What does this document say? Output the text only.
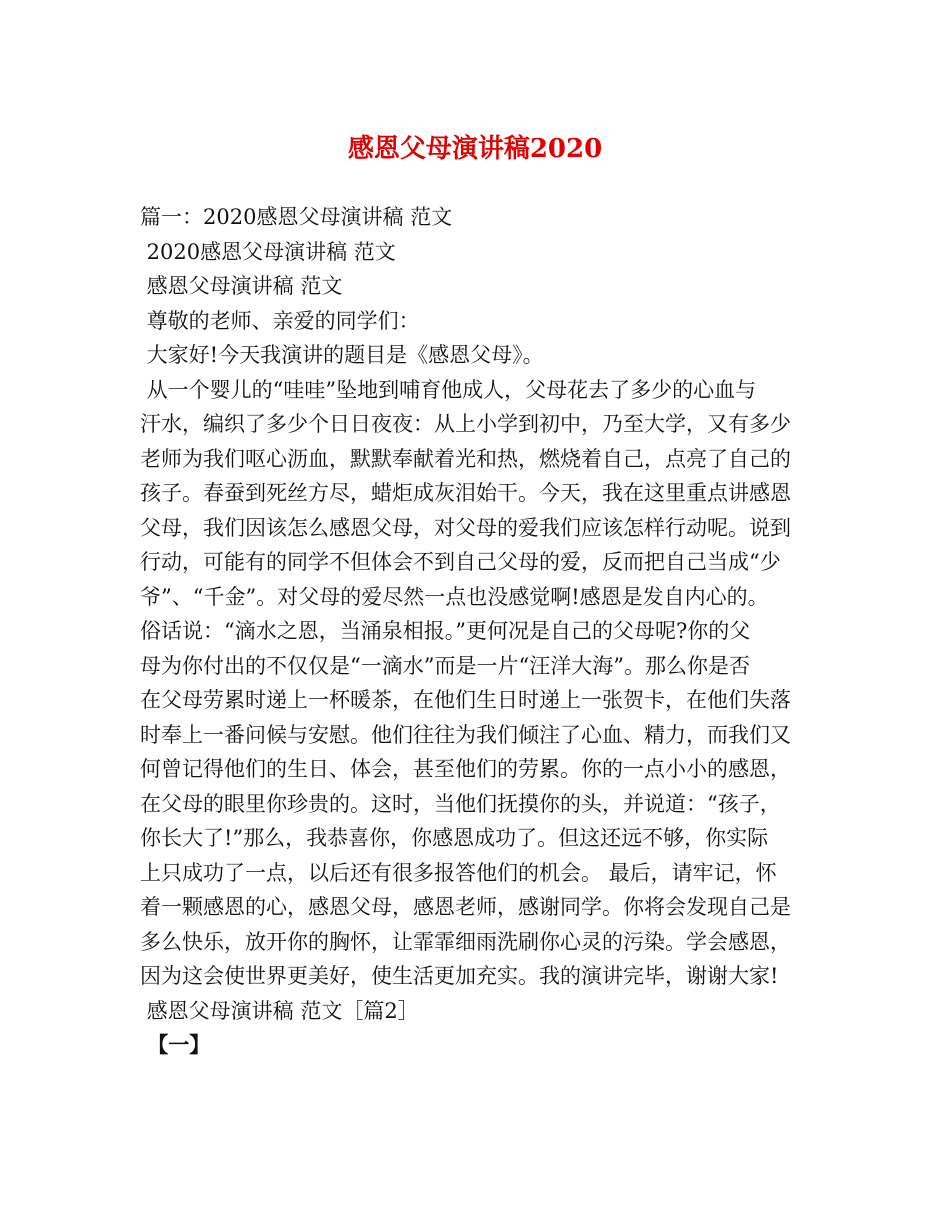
感恩父母演讲稿2020
篇一：2020感恩父母演讲稿 范文
2020感恩父母演讲稿 范文
感恩父母演讲稿 范文
尊敬的老师、亲爱的同学们：
大家好!今天我演讲的题目是《感恩父母》。
从一个婴儿的“哇哇”坠地到哺育他成人，父母花去了多少的心血与
汗水，编织了多少个日日夜夜：从上小学到初中，乃至大学，又有多少
老师为我们呕心沥血，默默奉献着光和热，燃烧着自己，点亮了自己的
孩子。春蚕到死丝方尽，蜡炬成灰泪始干。今天，我在这里重点讲感恩
父母，我们因该怎么感恩父母，对父母的爱我们应该怎样行动呢。说到
行动，可能有的同学不但体会不到自己父母的爱，反而把自己当成“少
爷”、“千金”。对父母的爱尽然一点也没感觉啊!感恩是发自内心的。
俗话说：“滴水之恩，当涌泉相报。”更何况是自己的父母呢?你的父
母为你付出的不仅仅是“一滴水”而是一片“汪洋大海”。那么你是否
在父母劳累时递上一杯暖茶，在他们生日时递上一张贺卡，在他们失落
时奉上一番问候与安慰。他们往往为我们倾注了心血、精力，而我们又
何曾记得他们的生日、体会，甚至他们的劳累。你的一点小小的感恩，
在父母的眼里你珍贵的。这时，当他们抚摸你的头，并说道：“孩子，
你长大了!”那么，我恭喜你，你感恩成功了。但这还远不够，你实际
上只成功了一点，以后还有很多报答他们的机会。 最后，请牢记，怀
着一颗感恩的心，感恩父母，感恩老师，感谢同学。你将会发现自己是
多么快乐，放开你的胸怀，让霏霏细雨洗刷你心灵的污染。学会感恩，
因为这会使世界更美好，使生活更加充实。我的演讲完毕，谢谢大家!
感恩父母演讲稿 范文［篇2］
【一】
